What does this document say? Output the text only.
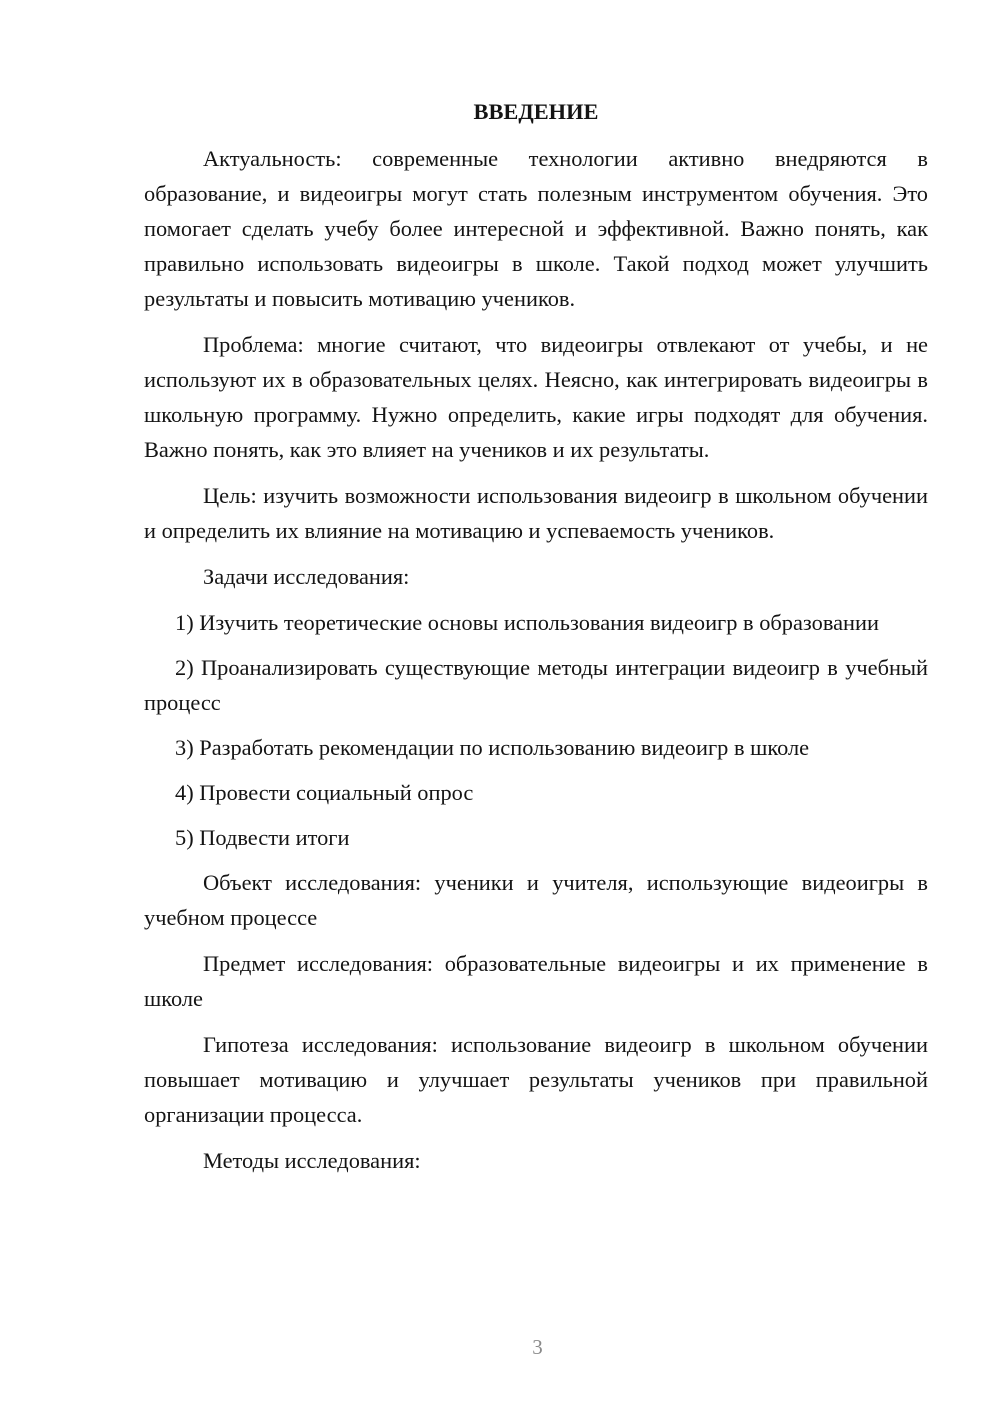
ВВЕДЕНИЕ

Актуальность: современные технологии активно внедряются в образование, и видеоигры могут стать полезным инструментом обучения. Это помогает сделать учебу более интересной и эффективной. Важно понять, как правильно использовать видеоигры в школе. Такой подход может улучшить результаты и повысить мотивацию учеников.

Проблема: многие считают, что видеоигры отвлекают от учебы, и не используют их в образовательных целях. Неясно, как интегрировать видеоигры в школьную программу. Нужно определить, какие игры подходят для обучения. Важно понять, как это влияет на учеников и их результаты.

Цель: изучить возможности использования видеоигр в школьном обучении и определить их влияние на мотивацию и успеваемость учеников.

Задачи исследования:

1) Изучить теоретические основы использования видеоигр в образовании

2) Проанализировать существующие методы интеграции видеоигр в учебный процесс

3) Разработать рекомендации по использованию видеоигр в школе

4) Провести социальный опрос

5) Подвести итоги

Объект исследования: ученики и учителя, использующие видеоигры в учебном процессе

Предмет исследования: образовательные видеоигры и их применение в школе

Гипотеза исследования: использование видеоигр в школьном обучении повышает мотивацию и улучшает результаты учеников при правильной организации процесса.

Методы исследования:

3
